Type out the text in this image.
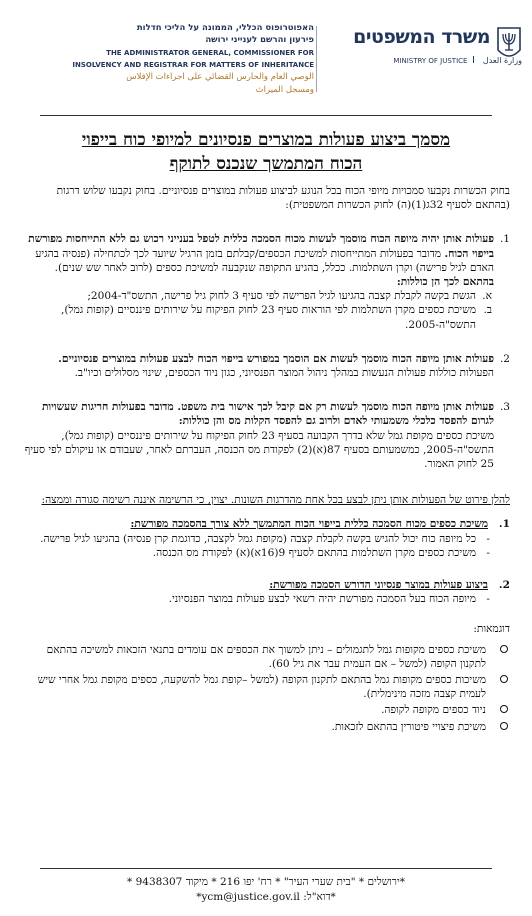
משרד המשפטים
MINISTRY OF JUSTICE وزارة العدل
האפוטרופוס הכללי, הממונה על הליכי חדלות
פירעון והרשם לענייני ירושה
THE ADMINISTRATOR GENERAL, COMMISSIONER FOR
INSOLVENCY AND REGISTRAR FOR MATTERS OF INHERITANCE
الوصي العام والحارس القضائي على اجراءات الإفلاس
ومسجل الميراث
מסמך ביצוע פעולות במוצרים פנסיונים למיופי כוח בייפוי
הכוח המתמשך שנכנס לתוקף

בחוק הכשרות נקבעו סמכויות מיופי הכוח בכל הנוגע לביצוע פעולות במוצרים פנסיוניים. בחוק נקבעו שלוש דרגות (בהתאם לסעיף 32ג(1)(ה) לחוק הכשרות המשפטית):

1.

פעולות אותן יהיה מיופה הכוח מוסמך לעשות מכוח הסמכה כללית לטפל בענייני רכוש גם ללא התייחסות מפורשת בייפוי הכוח. מדובר בפעולות המתייחסות למשיכת הכספים/קבלתם בזמן הרגיל שיועד לכך לכתחילה (פנסיה בהגיע האדם לגיל פרישה) וקרן השתלמות. ככלל, בהגיע התקופה שנקבעה למשיכת כספים (לרוב לאחר שש שנים). בהתאם לכך הן כוללות:

א.
הגשת בקשה לקבלת קצבה בהגיעו לגיל הפרישה לפי סעיף 3 לחוק גיל פרישה, התשס"ד-2004;
ב.
משיכת כספים מקרן השתלמות לפי הוראות סעיף 23 לחוק הפיקוח על שירותים פיננסיים (קופות גמל), התשס"ה-2005.
2.

פעולות אותן מיופה הכוח מוסמך לעשות אם הוסמך במפורש בייפוי הכוח לבצע פעולות במוצרים פנסיוניים. הפעולות כוללות פעולות הנעשות במהלך ניהול המוצר הפנסיוני, כגון ניוד הכספים, שינוי מסלולים וכיו"ב.

3.

פעולות אותן מיופה הכוח מוסמך לעשות רק אם קיבל לכך אישור בית משפט. מדובר בפעולות חריגות שעשויות לגרום להפסד כלכלי משמעותי לאדם ולרוב גם להפסד הקלות מס והן כוללות:

משיכת כספים מקופת גמל שלא בדרך הקבועה בסעיף 23 לחוק הפיקוח על שירותים פיננסיים (קופות גמל), התשס"ה-2005, כמשמעותם בסעיף 87(א)(2) לפקודת מס הכנסה, העברתם לאחר, שעבודם או עיקולם לפי סעיף 25 לחוק האמור.

להלן פירוט של הפעולות אותן ניתן לבצע בכל אחת מהדרגות השונות. יצוין, כי הרשימה איננה רשימה סגורה וממצה:

1.

משיכת כספים מכוח הסמכה כללית בייפוי הכוח המתמשך ללא צורך בהסמכה מפורשת:

-
כל מיופה כוח יכול להגיש בקשה לקבלת קצבה (מקופת גמל לקצבה, כדוגמת קרן פנסיה) בהגיעו לגיל פרישה.
-
משיכת כספים מקרן השתלמות בהתאם לסעיף 9(16א)(א) לפקודת מס הכנסה.
2.

ביצוע פעולות במוצר פנסיוני הדורש הסמכה מפורשת:

-
מיופה הכוח בעל הסמכה מפורשת יהיה רשאי לבצע פעולות במוצר הפנסיוני.

דוגמאות:

משיכת כספים מקופות גמל לתגמולים – ניתן למשוך את הכספים אם עומדים בתנאי הזכאות למשיכה בהתאם לתקנון הקופה (למשל – אם העמית עבר את גיל 60).
משיכות כספים מקופות גמל בהתאם לתקנון הקופה (למשל –קופת גמל להשקעה, כספים מקופת גמל אחרי שיש לעמית קצבה מזכה מינימלית).
ניוד כספים מקופה לקופה.
משיכת פיצויי פיטורין בהתאם לזכאות.
*ירושלים * "בית שערי העיר" * רח' יפו 216 * מיקוד 9438307 *
*דוא"ל: ycm@justice.gov.il*
